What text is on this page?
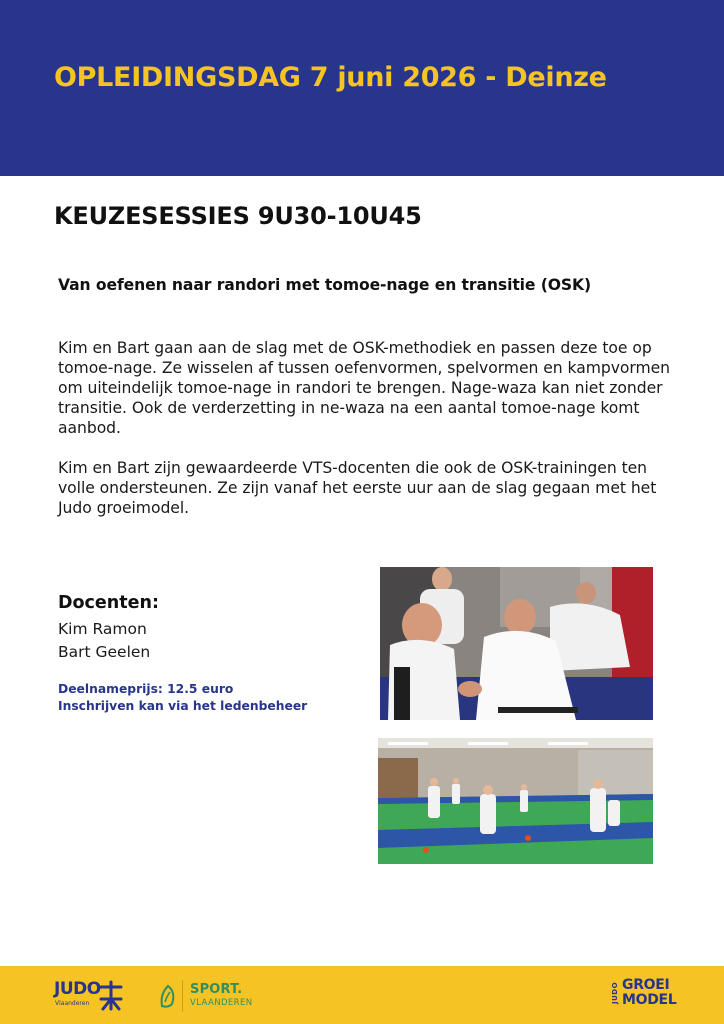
OPLEIDINGSDAG 7 juni 2026 - Deinze
KEUZESESSIES 9U30-10U45
Van oefenen naar randori met tomoe-nage en transitie (OSK)

Kim en Bart gaan aan de slag met de OSK-methodiek en passen deze toe op tomoe-nage. Ze wisselen af tussen oefenvormen, spelvormen en kampvormen om uiteindelijk tomoe-nage in randori te brengen. Nage-waza kan niet zonder transitie. Ook de verderzetting in ne-waza na een aantal tomoe-nage komt aanbod.

Kim en Bart zijn gewaardeerde VTS-docenten die ook de OSK-trainingen ten volle ondersteunen. Ze zijn vanaf het eerste uur aan de slag gegaan met het Judo groeimodel.

Docenten:

Kim Ramon

Bart Geelen

Deelnameprijs: 12.5 euro

Inschrijven kan via het ledenbeheer

JUDO
Vlaanderen
SPORT.
VLAANDEREN	JUDO GROEI
MODEL
